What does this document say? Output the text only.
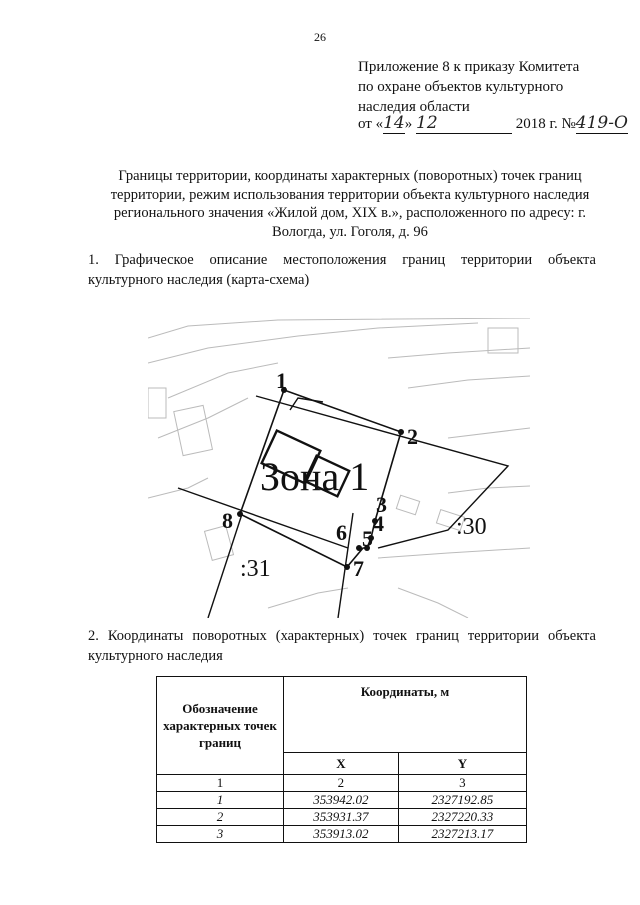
26
Приложение 8 к приказу Комитета
по охране объектов культурного
наследия области
от «14» 12	2018 г. №419-О
Границы территории, координаты характерных (поворотных) точек границ
территории, режим использования территории объекта культурного наследия
регионального значения «Жилой дом, XIX в.», расположенного по адресу: г.
Вологда, ул. Гоголя, д. 96
1. Графическое описание местоположения границ территории объекта культурного наследия (карта-схема)
Зона 1
1
2
3
4
5
6
7
8	:30
:31
2. Координаты поворотных (характерных) точек границ территории объекта культурного наследия
Обозначение характерных точек границ	Координаты, м	
	X	Y
1	2	3
1	353942.02	2327192.85
2	353931.37	2327220.33
3	353913.02	2327213.17
